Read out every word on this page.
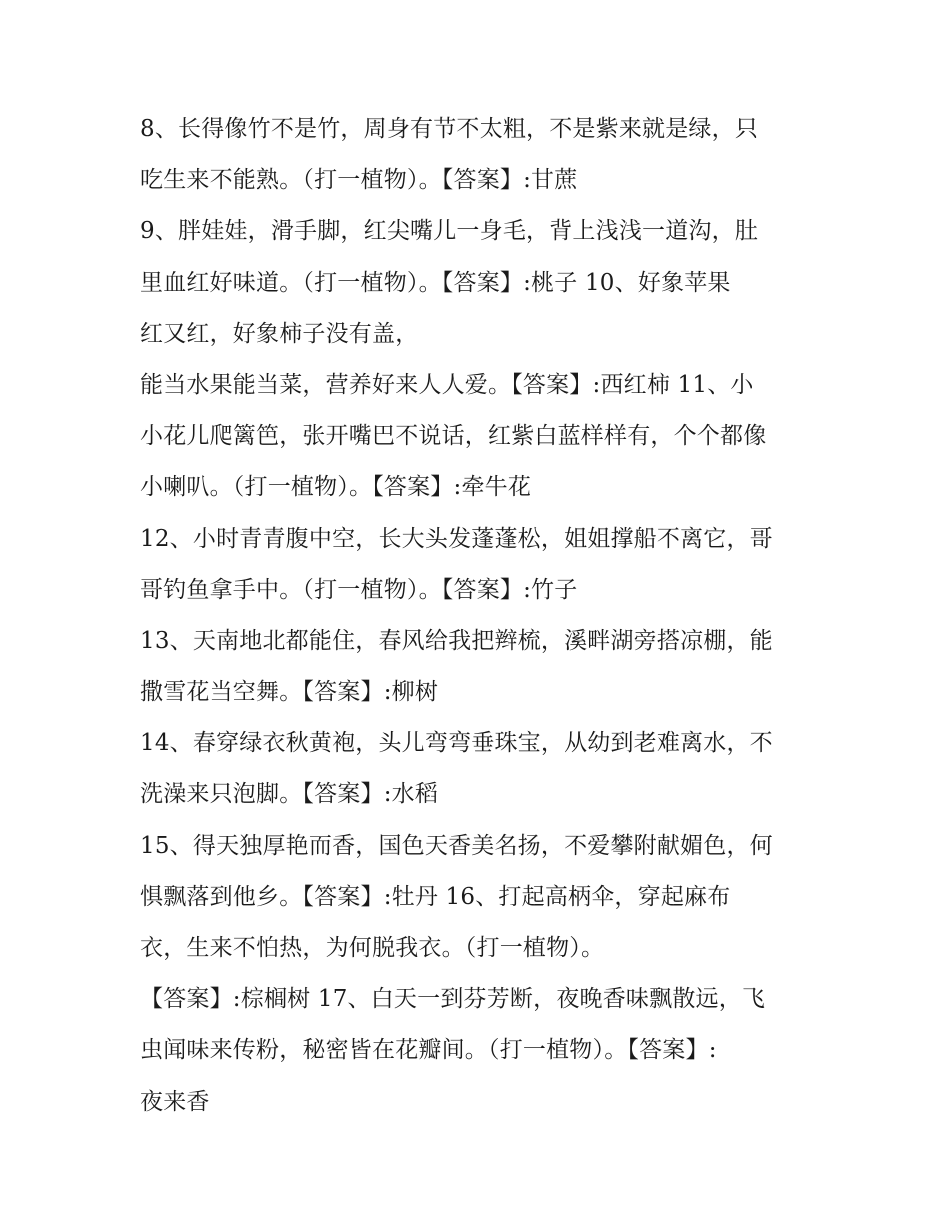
8、长得像竹不是竹，周身有节不太粗，不是紫来就是绿，只
吃生来不能熟。（打一植物）。【答案】:甘蔗
9、胖娃娃，滑手脚，红尖嘴儿一身毛，背上浅浅一道沟，肚
里血红好味道。（打一植物）。【答案】:桃子 10、好象苹果
红又红，好象柿子没有盖，
能当水果能当菜，营养好来人人爱。【答案】:西红柿 11、小
小花儿爬篱笆，张开嘴巴不说话，红紫白蓝样样有，个个都像
小喇叭。（打一植物）。【答案】:牵牛花
12、小时青青腹中空，长大头发蓬蓬松，姐姐撑船不离它，哥
哥钓鱼拿手中。（打一植物）。【答案】:竹子
13、天南地北都能住，春风给我把辫梳，溪畔湖旁搭凉棚，能
撒雪花当空舞。【答案】:柳树
14、春穿绿衣秋黄袍，头儿弯弯垂珠宝，从幼到老难离水，不
洗澡来只泡脚。【答案】:水稻
15、得天独厚艳而香，国色天香美名扬，不爱攀附献媚色，何
惧飘落到他乡。【答案】:牡丹 16、打起高柄伞，穿起麻布
衣，生来不怕热，为何脱我衣。（打一植物）。
【答案】:棕榈树 17、白天一到芬芳断，夜晚香味飘散远，飞
虫闻味来传粉，秘密皆在花瓣间。（打一植物）。【答案】:
夜来香
